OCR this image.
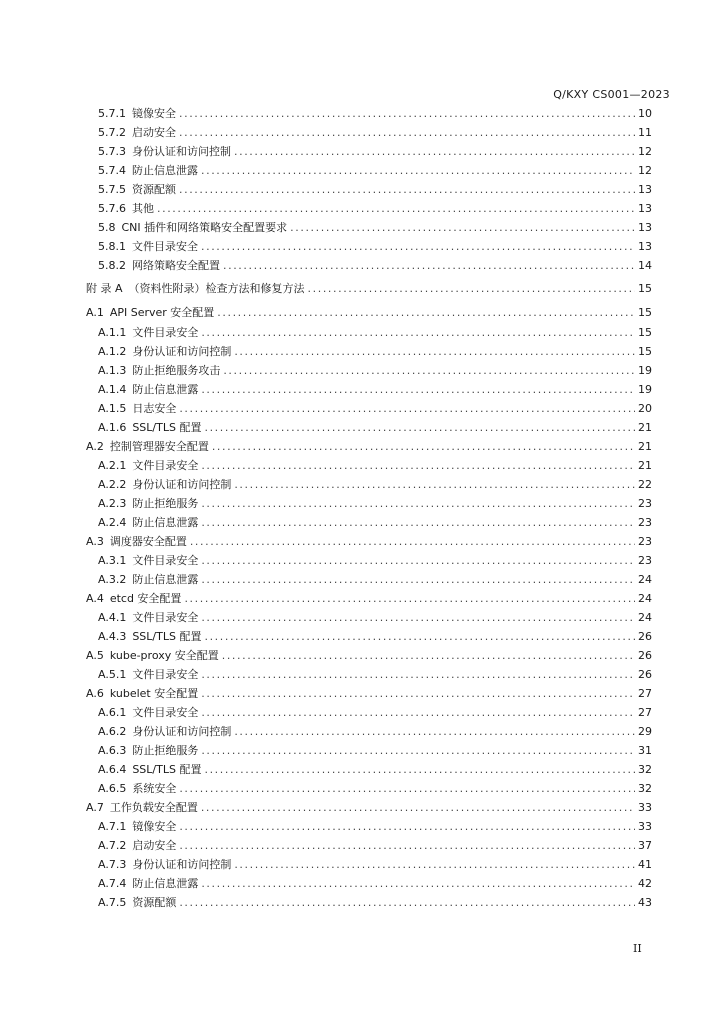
Q/KXY CS001—2023
5.7.1 镜像安全 .....	10
5.7.2 启动安全 .....	11
5.7.3 身份认证和访问控制 .....	12
5.7.4 防止信息泄露 .....	12
5.7.5 资源配额 .....	13
5.7.6 其他 .....	13
5.8 CNI 插件和网络策略安全配置要求 .....	13
5.8.1 文件目录安全 .....	13
5.8.2 网络策略安全配置 .....	14
附 录 A （资料性附录）检查方法和修复方法 .....	15
A.1 API Server 安全配置 .....	15
A.1.1 文件目录安全 .....	15
A.1.2 身份认证和访问控制 .....	15
A.1.3 防止拒绝服务攻击 .....	19
A.1.4 防止信息泄露 .....	19
A.1.5 日志安全 .....	20
A.1.6 SSL/TLS 配置 .....	21
A.2 控制管理器安全配置 .....	21
A.2.1 文件目录安全 .....	21
A.2.2 身份认证和访问控制 .....	22
A.2.3 防止拒绝服务 .....	23
A.2.4 防止信息泄露 .....	23
A.3 调度器安全配置 .....	23
A.3.1 文件目录安全 .....	23
A.3.2 防止信息泄露 .....	24
A.4 etcd 安全配置 .....	24
A.4.1 文件目录安全 .....	24
A.4.3 SSL/TLS 配置 .....	26
A.5 kube-proxy 安全配置 .....	26
A.5.1 文件目录安全 .....	26
A.6 kubelet 安全配置 .....	27
A.6.1 文件目录安全 .....	27
A.6.2 身份认证和访问控制 .....	29
A.6.3 防止拒绝服务 .....	31
A.6.4 SSL/TLS 配置 .....	32
A.6.5 系统安全 .....	32
A.7 工作负载安全配置 .....	33
A.7.1 镜像安全 .....	33
A.7.2 启动安全 .....	37
A.7.3 身份认证和访问控制 .....	41
A.7.4 防止信息泄露 .....	42
A.7.5 资源配额 .....	43
II
